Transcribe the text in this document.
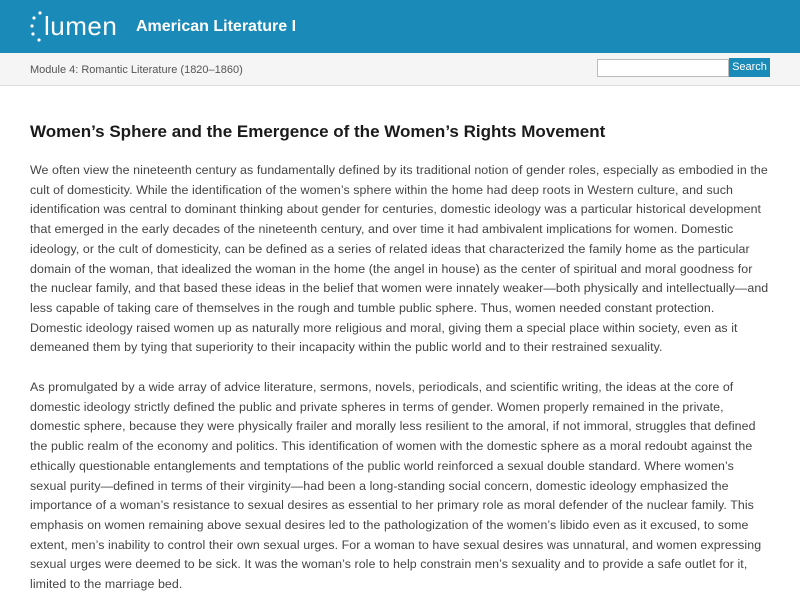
lumen American Literature I
Module 4: Romantic Literature (1820–1860)	Search
Women’s Sphere and the Emergence of the Women’s Rights Movement

We often view the nineteenth century as fundamentally defined by its traditional notion of gender roles, especially as embodied in the cult of domesticity. While the identification of the women’s sphere within the home had deep roots in Western culture, and such identification was central to dominant thinking about gender for centuries, domestic ideology was a particular historical development that emerged in the early decades of the nineteenth century, and over time it had ambivalent implications for women. Domestic ideology, or the cult of domesticity, can be defined as a series of related ideas that characterized the family home as the particular domain of the woman, that idealized the woman in the home (the angel in house) as the center of spiritual and moral goodness for the nuclear family, and that based these ideas in the belief that women were innately weaker—both physically and intellectually—and less capable of taking care of themselves in the rough and tumble public sphere. Thus, women needed constant protection. Domestic ideology raised women up as naturally more religious and moral, giving them a special place within society, even as it demeaned them by tying that superiority to their incapacity within the public world and to their restrained sexuality.

As promulgated by a wide array of advice literature, sermons, novels, periodicals, and scientific writing, the ideas at the core of domestic ideology strictly defined the public and private spheres in terms of gender. Women properly remained in the private, domestic sphere, because they were physically frailer and morally less resilient to the amoral, if not immoral, struggles that defined the public realm of the economy and politics. This identification of women with the domestic sphere as a moral redoubt against the ethically questionable entanglements and temptations of the public world reinforced a sexual double standard. Where women’s sexual purity—defined in terms of their virginity—had been a long-standing social concern, domestic ideology emphasized the importance of a woman’s resistance to sexual desires as essential to her primary role as moral defender of the nuclear family. This emphasis on women remaining above sexual desires led to the pathologization of the women’s libido even as it excused, to some extent, men’s inability to control their own sexual urges. For a woman to have sexual desires was unnatural, and women expressing sexual urges were deemed to be sick. It was the woman’s role to help constrain men’s sexuality and to provide a safe outlet for it, limited to the marriage bed.
